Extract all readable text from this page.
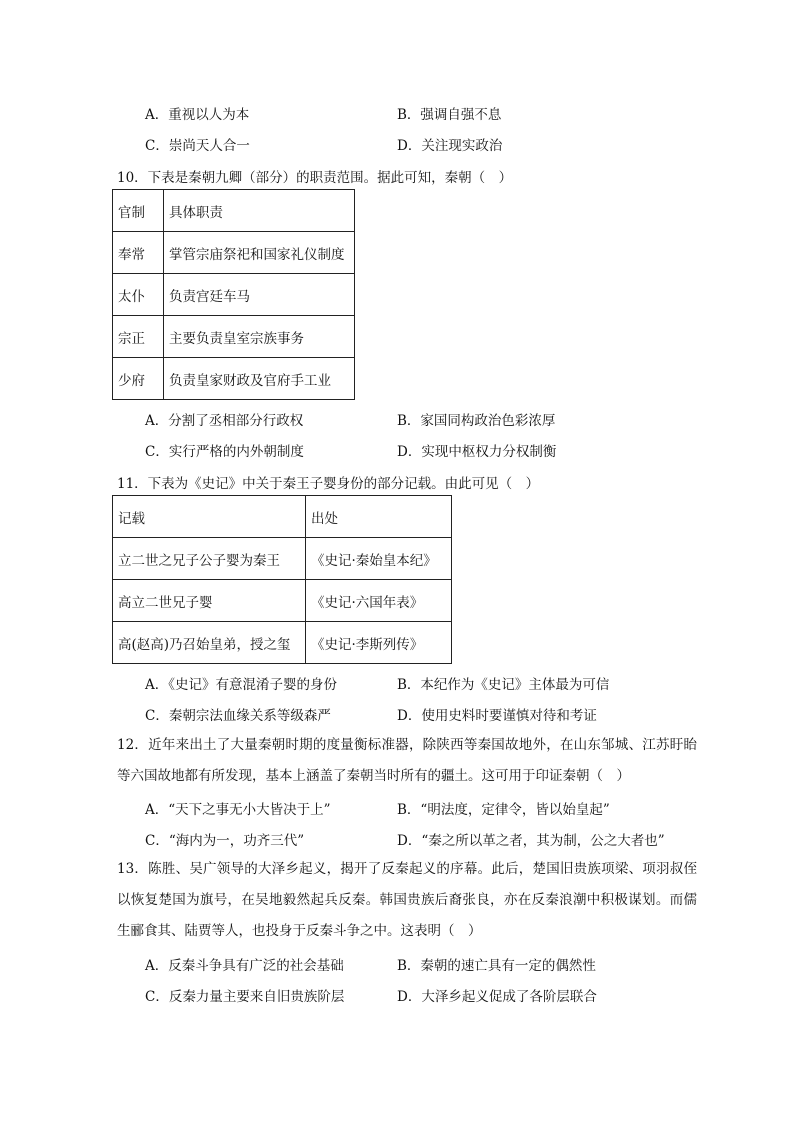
A．重视以人为本	B．强调自强不息
C．崇尚天人合一	D．关注现实政治
10．下表是秦朝九卿（部分）的职责范围。据此可知，秦朝（　）
官制	具体职责
奉常	掌管宗庙祭祀和国家礼仪制度
太仆	负责宫廷车马
宗正	主要负责皇室宗族事务
少府	负责皇家财政及官府手工业
A．分割了丞相部分行政权	B．家国同构政治色彩浓厚
C．实行严格的内外朝制度	D．实现中枢权力分权制衡
11．下表为《史记》中关于秦王子婴身份的部分记载。由此可见（　）
记载	出处
立二世之兄子公子婴为秦王	《史记·秦始皇本纪》
高立二世兄子婴	《史记·六国年表》
高(赵高)乃召始皇弟，授之玺	《史记·李斯列传》
A．《史记》有意混淆子婴的身份	B．本纪作为《史记》主体最为可信
C．秦朝宗法血缘关系等级森严	D．使用史料时要谨慎对待和考证
12．近年来出土了大量秦朝时期的度量衡标准器，除陕西等秦国故地外，在山东邹城、江苏盱眙等六国故地都有所发现，基本上涵盖了秦朝当时所有的疆土。这可用于印证秦朝（　）
A．“天下之事无小大皆决于上”	B．“明法度，定律令，皆以始皇起”
C．“海内为一，功齐三代”	D．“秦之所以革之者，其为制，公之大者也”
13．陈胜、吴广领导的大泽乡起义，揭开了反秦起义的序幕。此后，楚国旧贵族项梁、项羽叔侄以恢复楚国为旗号，在吴地毅然起兵反秦。韩国贵族后裔张良，亦在反秦浪潮中积极谋划。而儒生郦食其、陆贾等人，也投身于反秦斗争之中。这表明（　）
A．反秦斗争具有广泛的社会基础	B．秦朝的速亡具有一定的偶然性
C．反秦力量主要来自旧贵族阶层	D．大泽乡起义促成了各阶层联合
